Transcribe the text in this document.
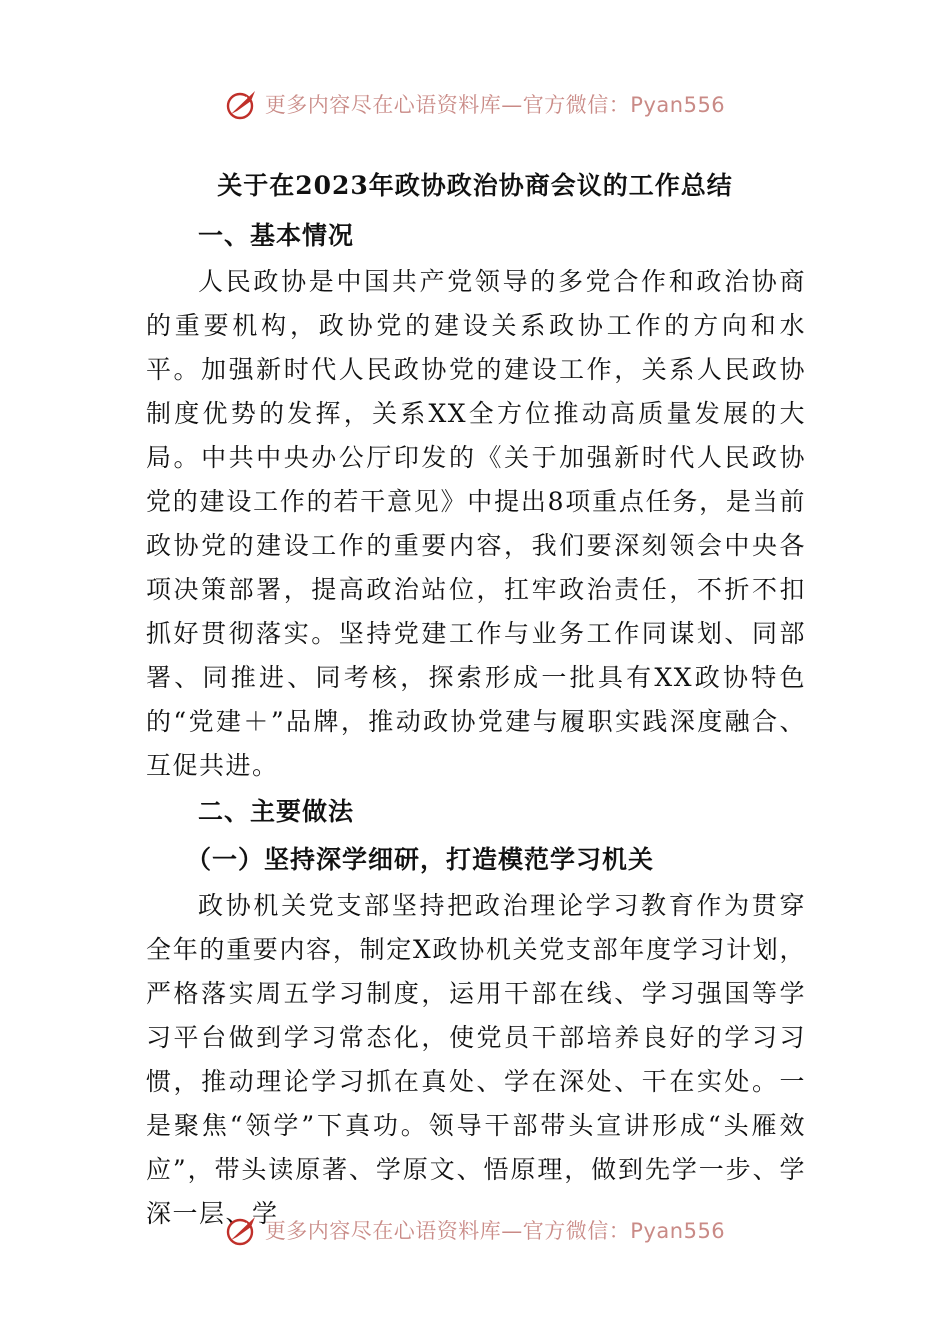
更多内容尽在心语资料库—官方微信：Pyan556
关于在2023年政协政治协商会议的工作总结
一、基本情况

人民政协是中国共产党领导的多党合作和政治协商的重要机构，政协党的建设关系政协工作的方向和水平。加强新时代人民政协党的建设工作，关系人民政协制度优势的发挥，关系XX全方位推动高质量发展的大局。中共中央办公厅印发的《关于加强新时代人民政协党的建设工作的若干意见》中提出8项重点任务，是当前政协党的建设工作的重要内容，我们要深刻领会中央各项决策部署，提高政治站位，扛牢政治责任，不折不扣抓好贯彻落实。坚持党建工作与业务工作同谋划、同部署、同推进、同考核，探索形成一批具有XX政协特色的“党建＋”品牌，推动政协党建与履职实践深度融合、互促共进。

二、主要做法
（一）坚持深学细研，打造模范学习机关

政协机关党支部坚持把政治理论学习教育作为贯穿全年的重要内容，制定X政协机关党支部年度学习计划，严格落实周五学习制度，运用干部在线、学习强国等学习平台做到学习常态化，使党员干部培养良好的学习习惯，推动理论学习抓在真处、学在深处、干在实处。一是聚焦“领学”下真功。领导干部带头宣讲形成“头雁效应”，带头读原著、学原文、悟原理，做到先学一步、学深一层、学

更多内容尽在心语资料库—官方微信：Pyan556
